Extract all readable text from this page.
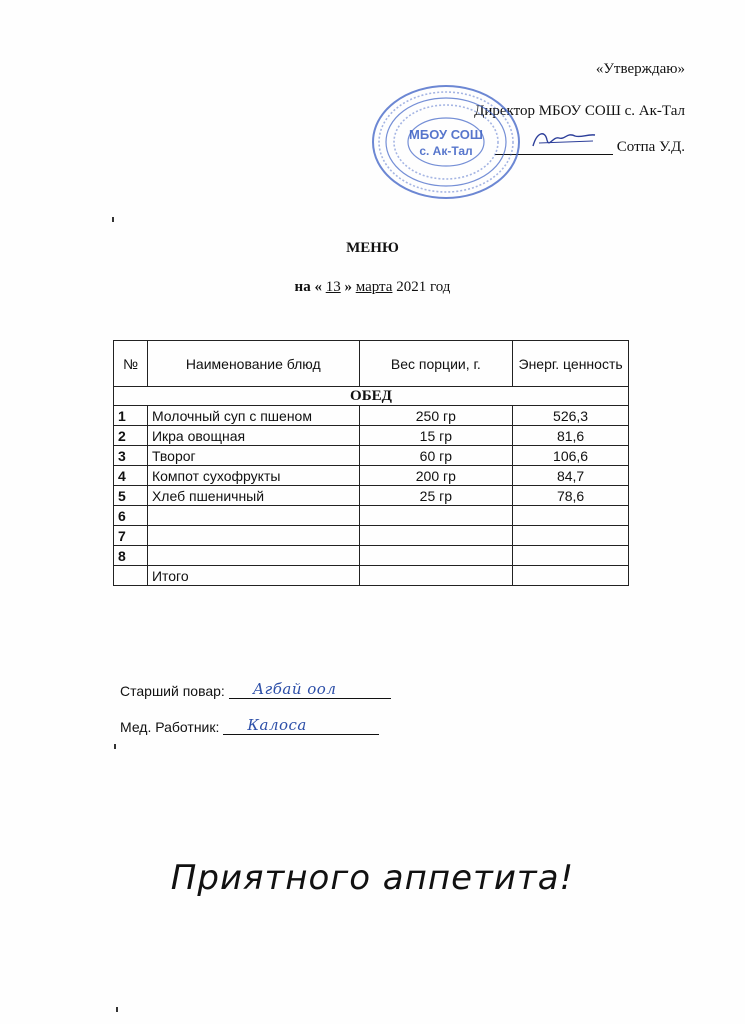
«Утверждаю»
Директор МБОУ СОШ с. Ак-Тал
Сотпа У.Д.
МБОУ СОШ
с. Ак-Тал
МЕНЮ
на « 13 » марта 2021 год
№	Наименование блюд	Вес порции, г.	Энерг. ценность
ОБЕД			
1	Молочный суп с пшеном	250 гр	526,3
2	Икра овощная	15 гр	81,6
3	Творог	60 гр	106,6
4	Компот сухофрукты	200 гр	84,7
5	Хлеб пшеничный	25 гр	78,6
6			
7			
8			
	Итого		
Старший повар: Агбай оол
Мед. Работник: Калоса
Приятного аппетита!
